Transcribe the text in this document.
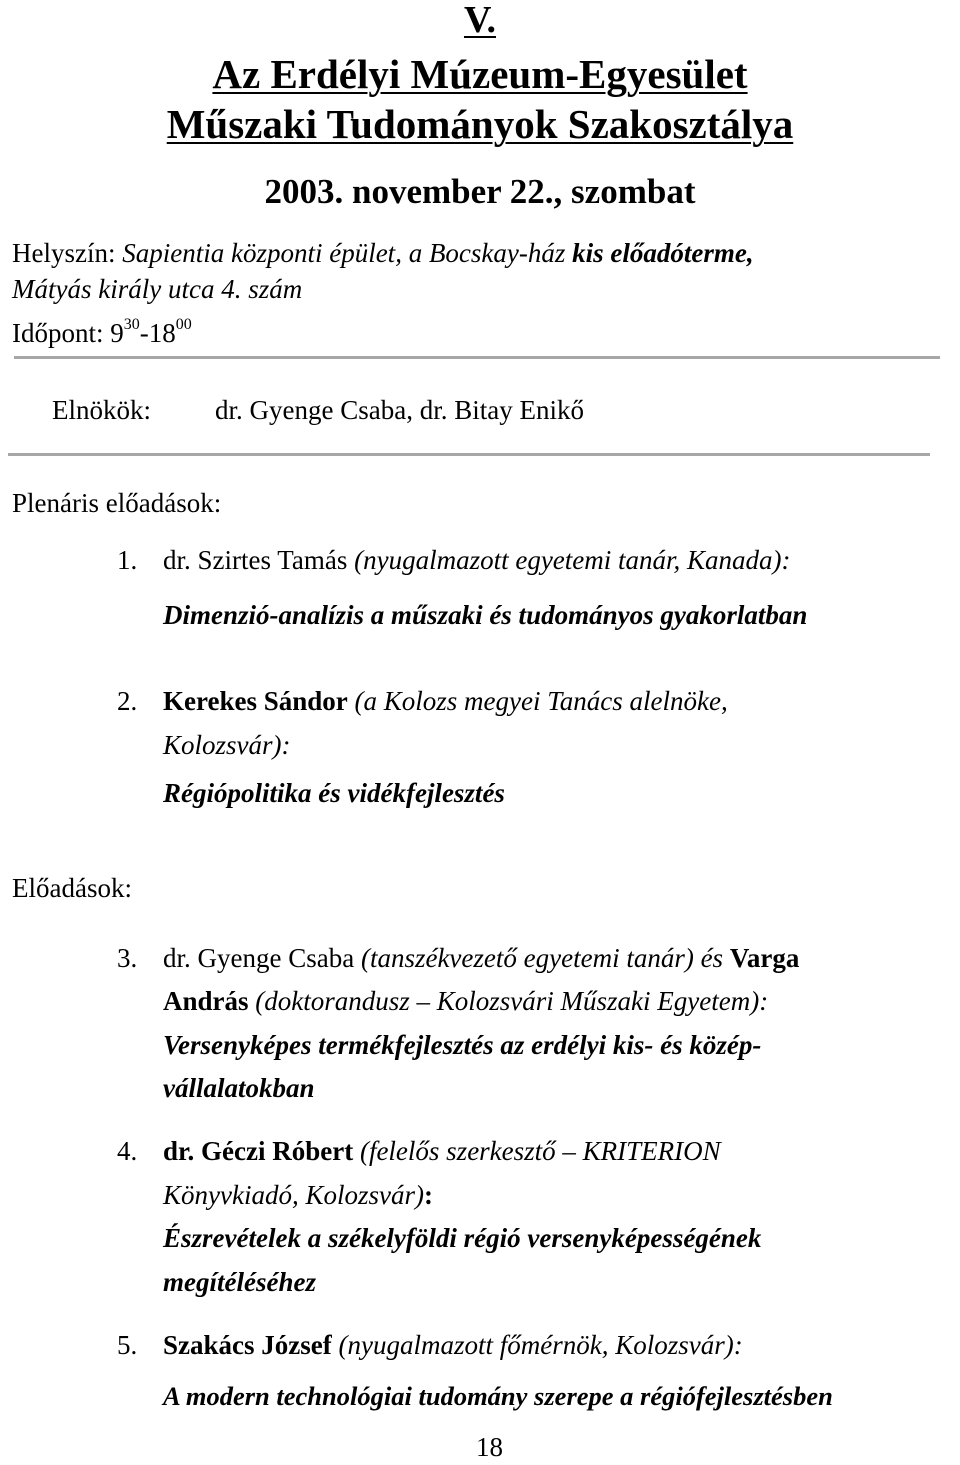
V.
Az Erdélyi Múzeum-Egyesület
Műszaki Tudományok Szakosztálya
2003. november 22., szombat
Helyszín: Sapientia központi épület, a Bocskay-ház kis előadóterme,
Mátyás király utca 4. szám
Időpont: $9^{30}-18^{00}$
Elnökök: dr. Gyenge Csaba, dr. Bitay Enikő
Plenáris előadások:
1. dr. Szirtes Tamás (nyugalmazott egyetemi tanár, Kanada):
Dimenzió-analízis a műszaki és tudományos gyakorlatban
2. Kerekes Sándor (a Kolozs megyei Tanács alelnöke,
Kolozsvár):
Régiópolitika és vidékfejlesztés
Előadások:
3. dr. Gyenge Csaba (tanszékvezető egyetemi tanár) és Varga
András (doktorandusz – Kolozsvári Műszaki Egyetem):
Versenyképes termékfejlesztés az erdélyi kis- és közép-
vállalatokban
4. dr. Géczi Róbert (felelős szerkesztő – KRITERION
Könyvkiadó, Kolozsvár):
Észrevételek a székelyföldi régió versenyképességének
megítéléséhez
5. Szakács József (nyugalmazott főmérnök, Kolozsvár):
A modern technológiai tudomány szerepe a régiófejlesztésben
18
